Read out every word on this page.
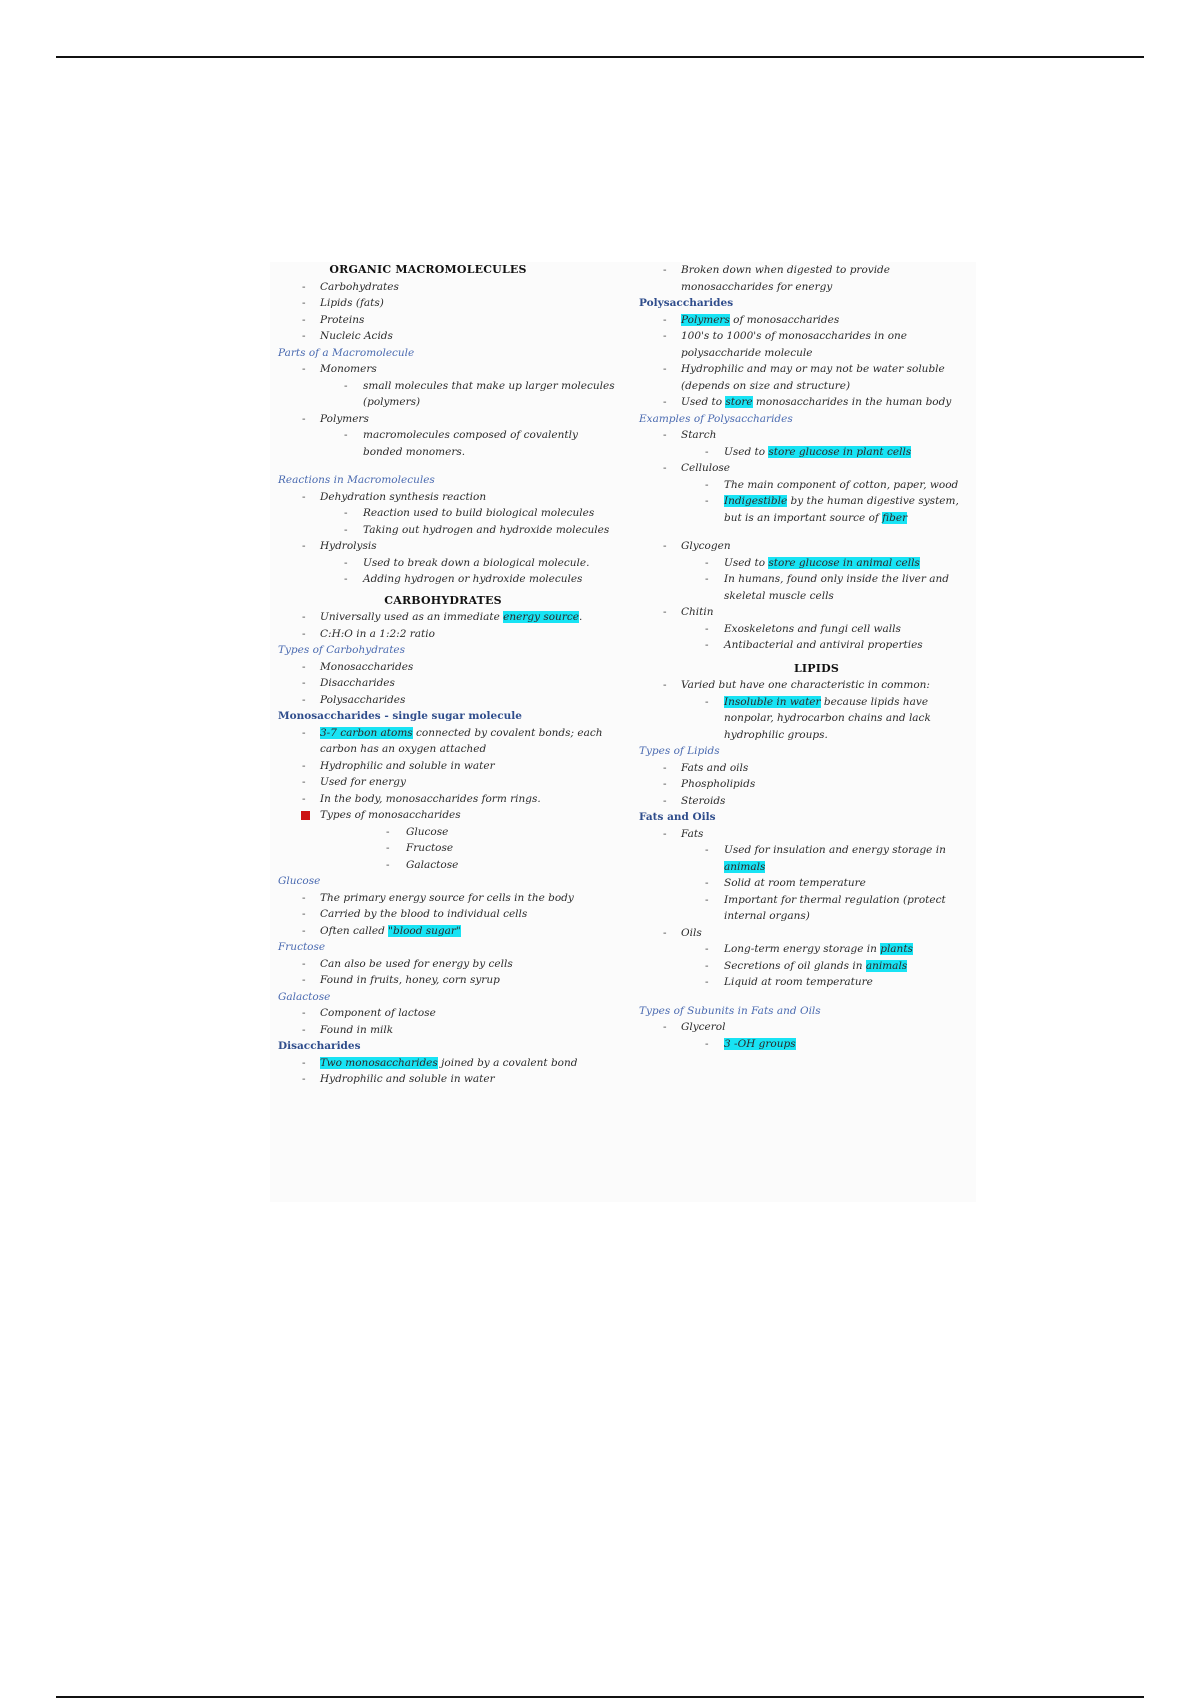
ORGANIC MACROMOLECULES
- Carbohydrates
- Lipids (fats)
- Proteins
- Nucleic Acids
Parts of a Macromolecule
- Monomers
- small molecules that make up larger molecules (polymers)
- Polymers
- macromolecules composed of covalently bonded monomers.
Reactions in Macromolecules
- Dehydration synthesis reaction
- Reaction used to build biological molecules
- Taking out hydrogen and hydroxide molecules
- Hydrolysis
- Used to break down a biological molecule.
- Adding hydrogen or hydroxide molecules
CARBOHYDRATES
- Universally used as an immediate energy source.
- C:H:O in a 1:2:2 ratio
Types of Carbohydrates
- Monosaccharides
- Disaccharides
- Polysaccharides
Monosaccharides - single sugar molecule
- 3-7 carbon atoms connected by covalent bonds; each carbon has an oxygen attached
- Hydrophilic and soluble in water
- Used for energy
- In the body, monosaccharides form rings.
Types of monosaccharides
- Glucose
- Fructose
- Galactose
Glucose
- The primary energy source for cells in the body
- Carried by the blood to individual cells
- Often called "blood sugar"
Fructose
- Can also be used for energy by cells
- Found in fruits, honey, corn syrup
Galactose
- Component of lactose
- Found in milk
Disaccharides
- Two monosaccharides joined by a covalent bond
- Hydrophilic and soluble in water
- Broken down when digested to provide monosaccharides for energy
Polysaccharides
- Polymers of monosaccharides
- 100's to 1000's of monosaccharides in one polysaccharide molecule
- Hydrophilic and may or may not be water soluble (depends on size and structure)
- Used to store monosaccharides in the human body
Examples of Polysaccharides
- Starch
- Used to store glucose in plant cells
- Cellulose
- The main component of cotton, paper, wood
- Indigestible by the human digestive system, but is an important source of fiber
- Glycogen
- Used to store glucose in animal cells
- In humans, found only inside the liver and skeletal muscle cells
- Chitin
- Exoskeletons and fungi cell walls
- Antibacterial and antiviral properties
LIPIDS
- Varied but have one characteristic in common:
- Insoluble in water because lipids have nonpolar, hydrocarbon chains and lack hydrophilic groups.
Types of Lipids
- Fats and oils
- Phospholipids
- Steroids
Fats and Oils
- Fats
- Used for insulation and energy storage in animals
- Solid at room temperature
- Important for thermal regulation (protect internal organs)
- Oils
- Long-term energy storage in plants
- Secretions of oil glands in animals
- Liquid at room temperature
Types of Subunits in Fats and Oils
- Glycerol
- 3 -OH groups
